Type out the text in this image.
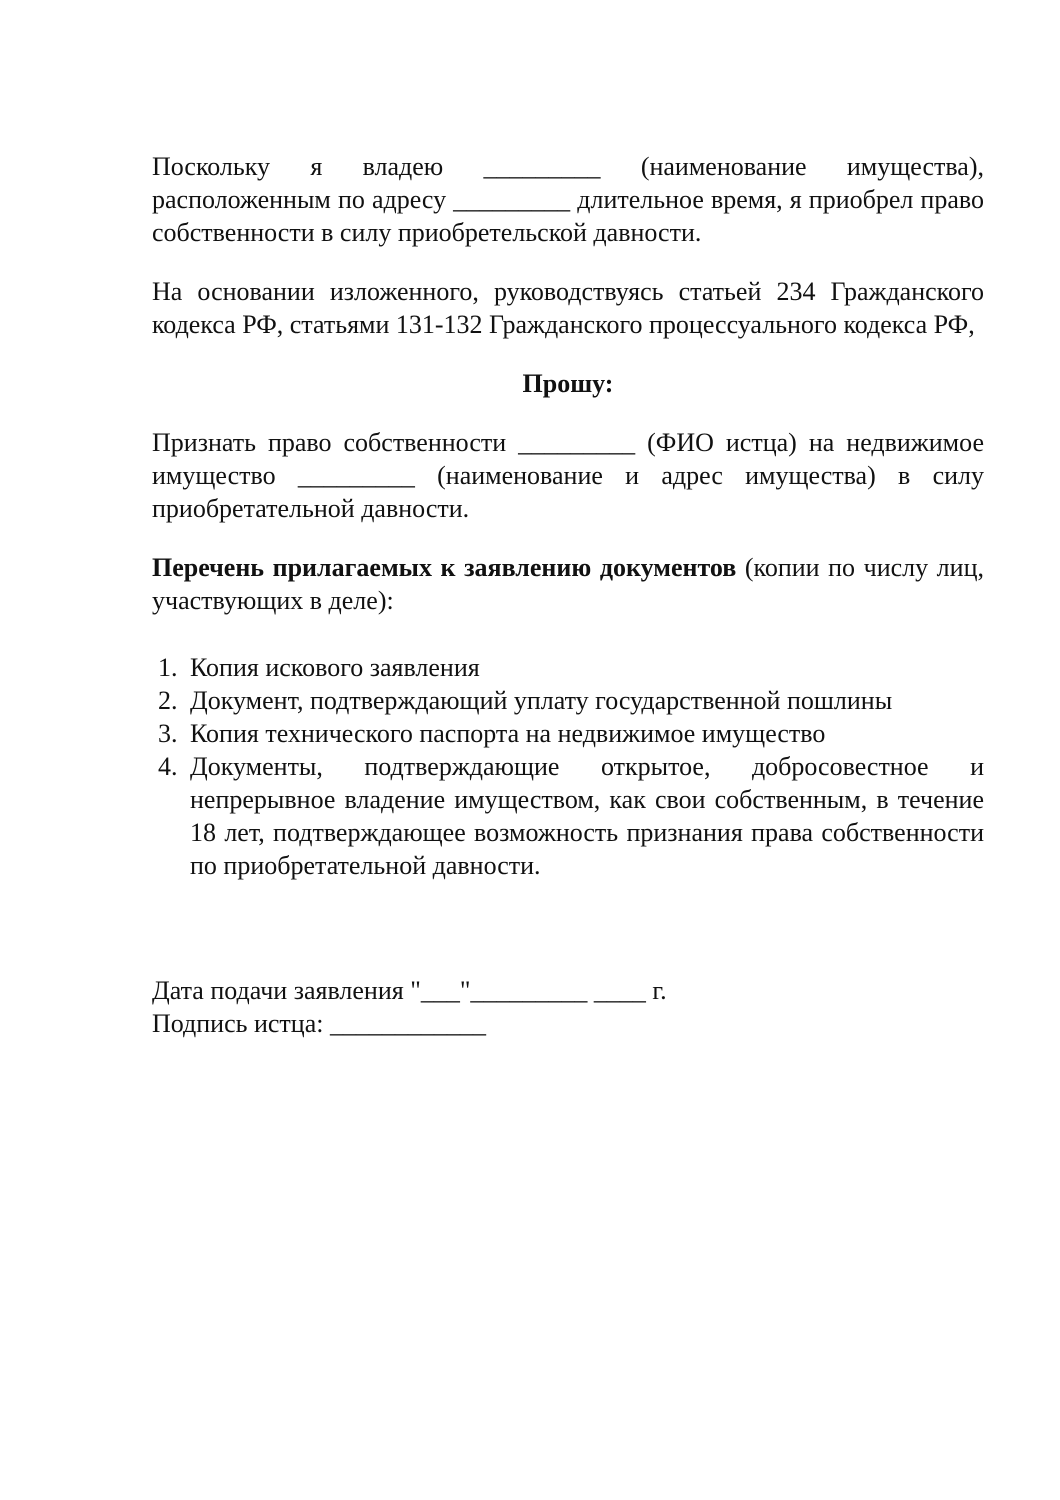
Поскольку я владею _________ (наименование имущества), расположенным по адресу _________ длительное время, я приобрел право собственности в силу приобретельской давности.

На основании изложенного, руководствуясь статьей 234 Гражданского кодекса РФ, статьями 131-132 Гражданского процессуального кодекса РФ,

Прошу:

Признать право собственности _________ (ФИО истца) на недвижимое имущество _________ (наименование и адрес имущества) в силу приобретательной давности.

Перечень прилагаемых к заявлению документов (копии по числу лиц, участвующих в деле):

1. Копия искового заявления
2. Документ, подтверждающий уплату государственной пошлины
3. Копия технического паспорта на недвижимое имущество
4. Документы, подтверждающие открытое, добросовестное и непрерывное владение имуществом, как свои собственным, в течение 18 лет, подтверждающее возможность признания права собственности по приобретательной давности.
Дата подачи заявления "___"_________ ____ г.
Подпись истца: ____________
